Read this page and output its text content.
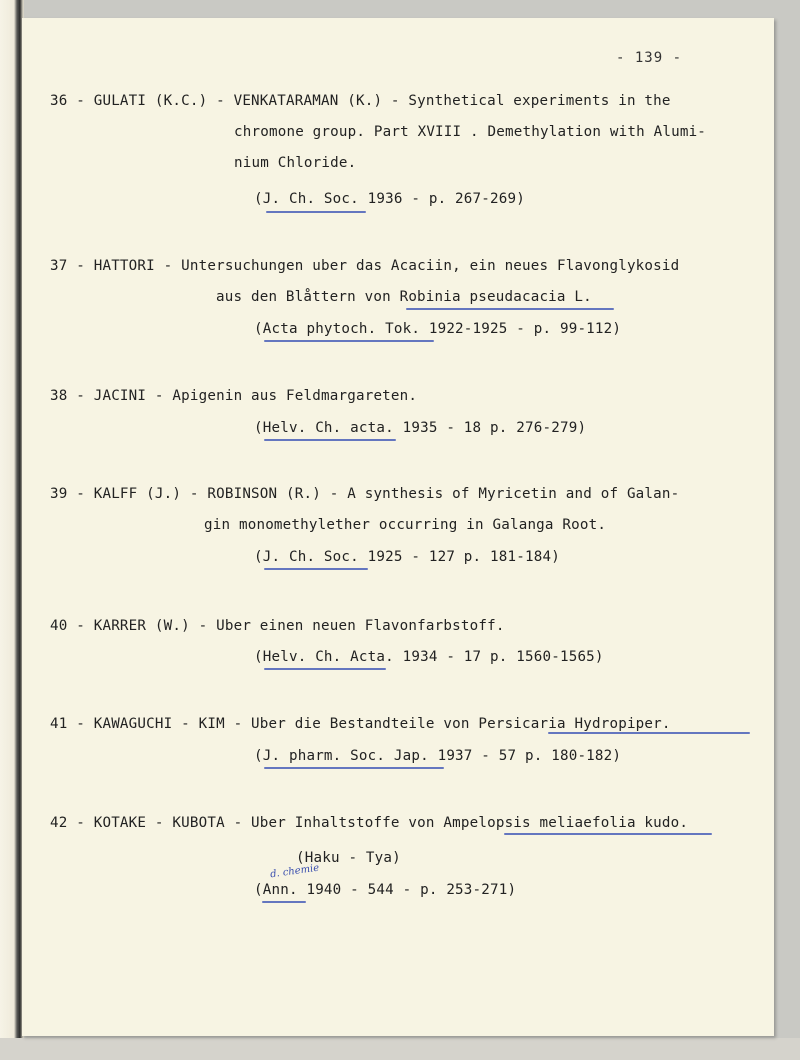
- 139 -
36 - GULATI (K.C.) - VENKATARAMAN (K.) - Synthetical experiments in the
chromone group. Part XVIII . Demethylation with Alumi-
nium Chloride.
(J. Ch. Soc. 1936 - p. 267-269)
37 - HATTORI - Untersuchungen uber das Acaciin, ein neues Flavonglykosid
aus den Blåttern von Robinia pseudacacia L.
(Acta phytoch. Tok. 1922-1925 - p. 99-112)
38 - JACINI - Apigenin aus Feldmargareten.
(Helv. Ch. acta. 1935 - 18 p. 276-279)
39 - KALFF (J.) - ROBINSON (R.) - A synthesis of Myricetin and of Galan-
gin monomethylether occurring in Galanga Root.
(J. Ch. Soc. 1925 - 127 p. 181-184)
40 - KARRER (W.) - Uber einen neuen Flavonfarbstoff.
(Helv. Ch. Acta. 1934 - 17 p. 1560-1565)
41 - KAWAGUCHI - KIM - Uber die Bestandteile von Persicaria Hydropiper.
(J. pharm. Soc. Jap. 1937 - 57 p. 180-182)
42 - KOTAKE - KUBOTA - Uber Inhaltstoffe von Ampelopsis meliaefolia kudo.
(Haku - Tya)
d. chemie
(Ann. 1940 - 544 - p. 253-271)
